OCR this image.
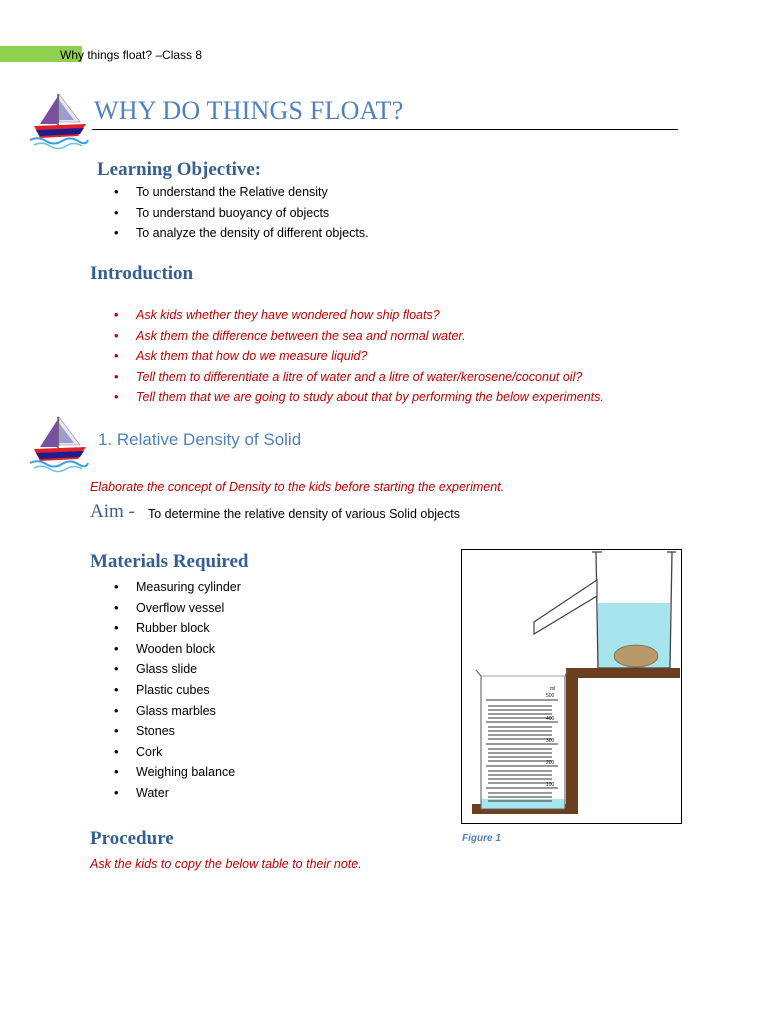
Why things float? –Class 8
WHY DO THINGS FLOAT?
Learning Objective:
• To understand the Relative density
• To understand buoyancy of objects
• To analyze the density of different objects.
Introduction
• Ask kids whether they have wondered how ship floats?
• Ask them the difference between the sea and normal water.
• Ask them that how do we measure liquid?
• Tell them to differentiate a litre of water and a litre of water/kerosene/coconut oil?
• Tell them that we are going to study about that by performing the below experiments.
1. Relative Density of Solid
Elaborate the concept of Density to the kids before starting the experiment.
Aim - To determine the relative density of various Solid objects
Materials Required
• Measuring cylinder
• Overflow vessel
• Rubber block
• Wooden block
• Glass slide
• Plastic cubes
• Glass marbles
• Stones
• Cork
• Weighing balance
• Water
ml
500
400
300
200
100
Figure 1
Procedure
Ask the kids to copy the below table to their note.
